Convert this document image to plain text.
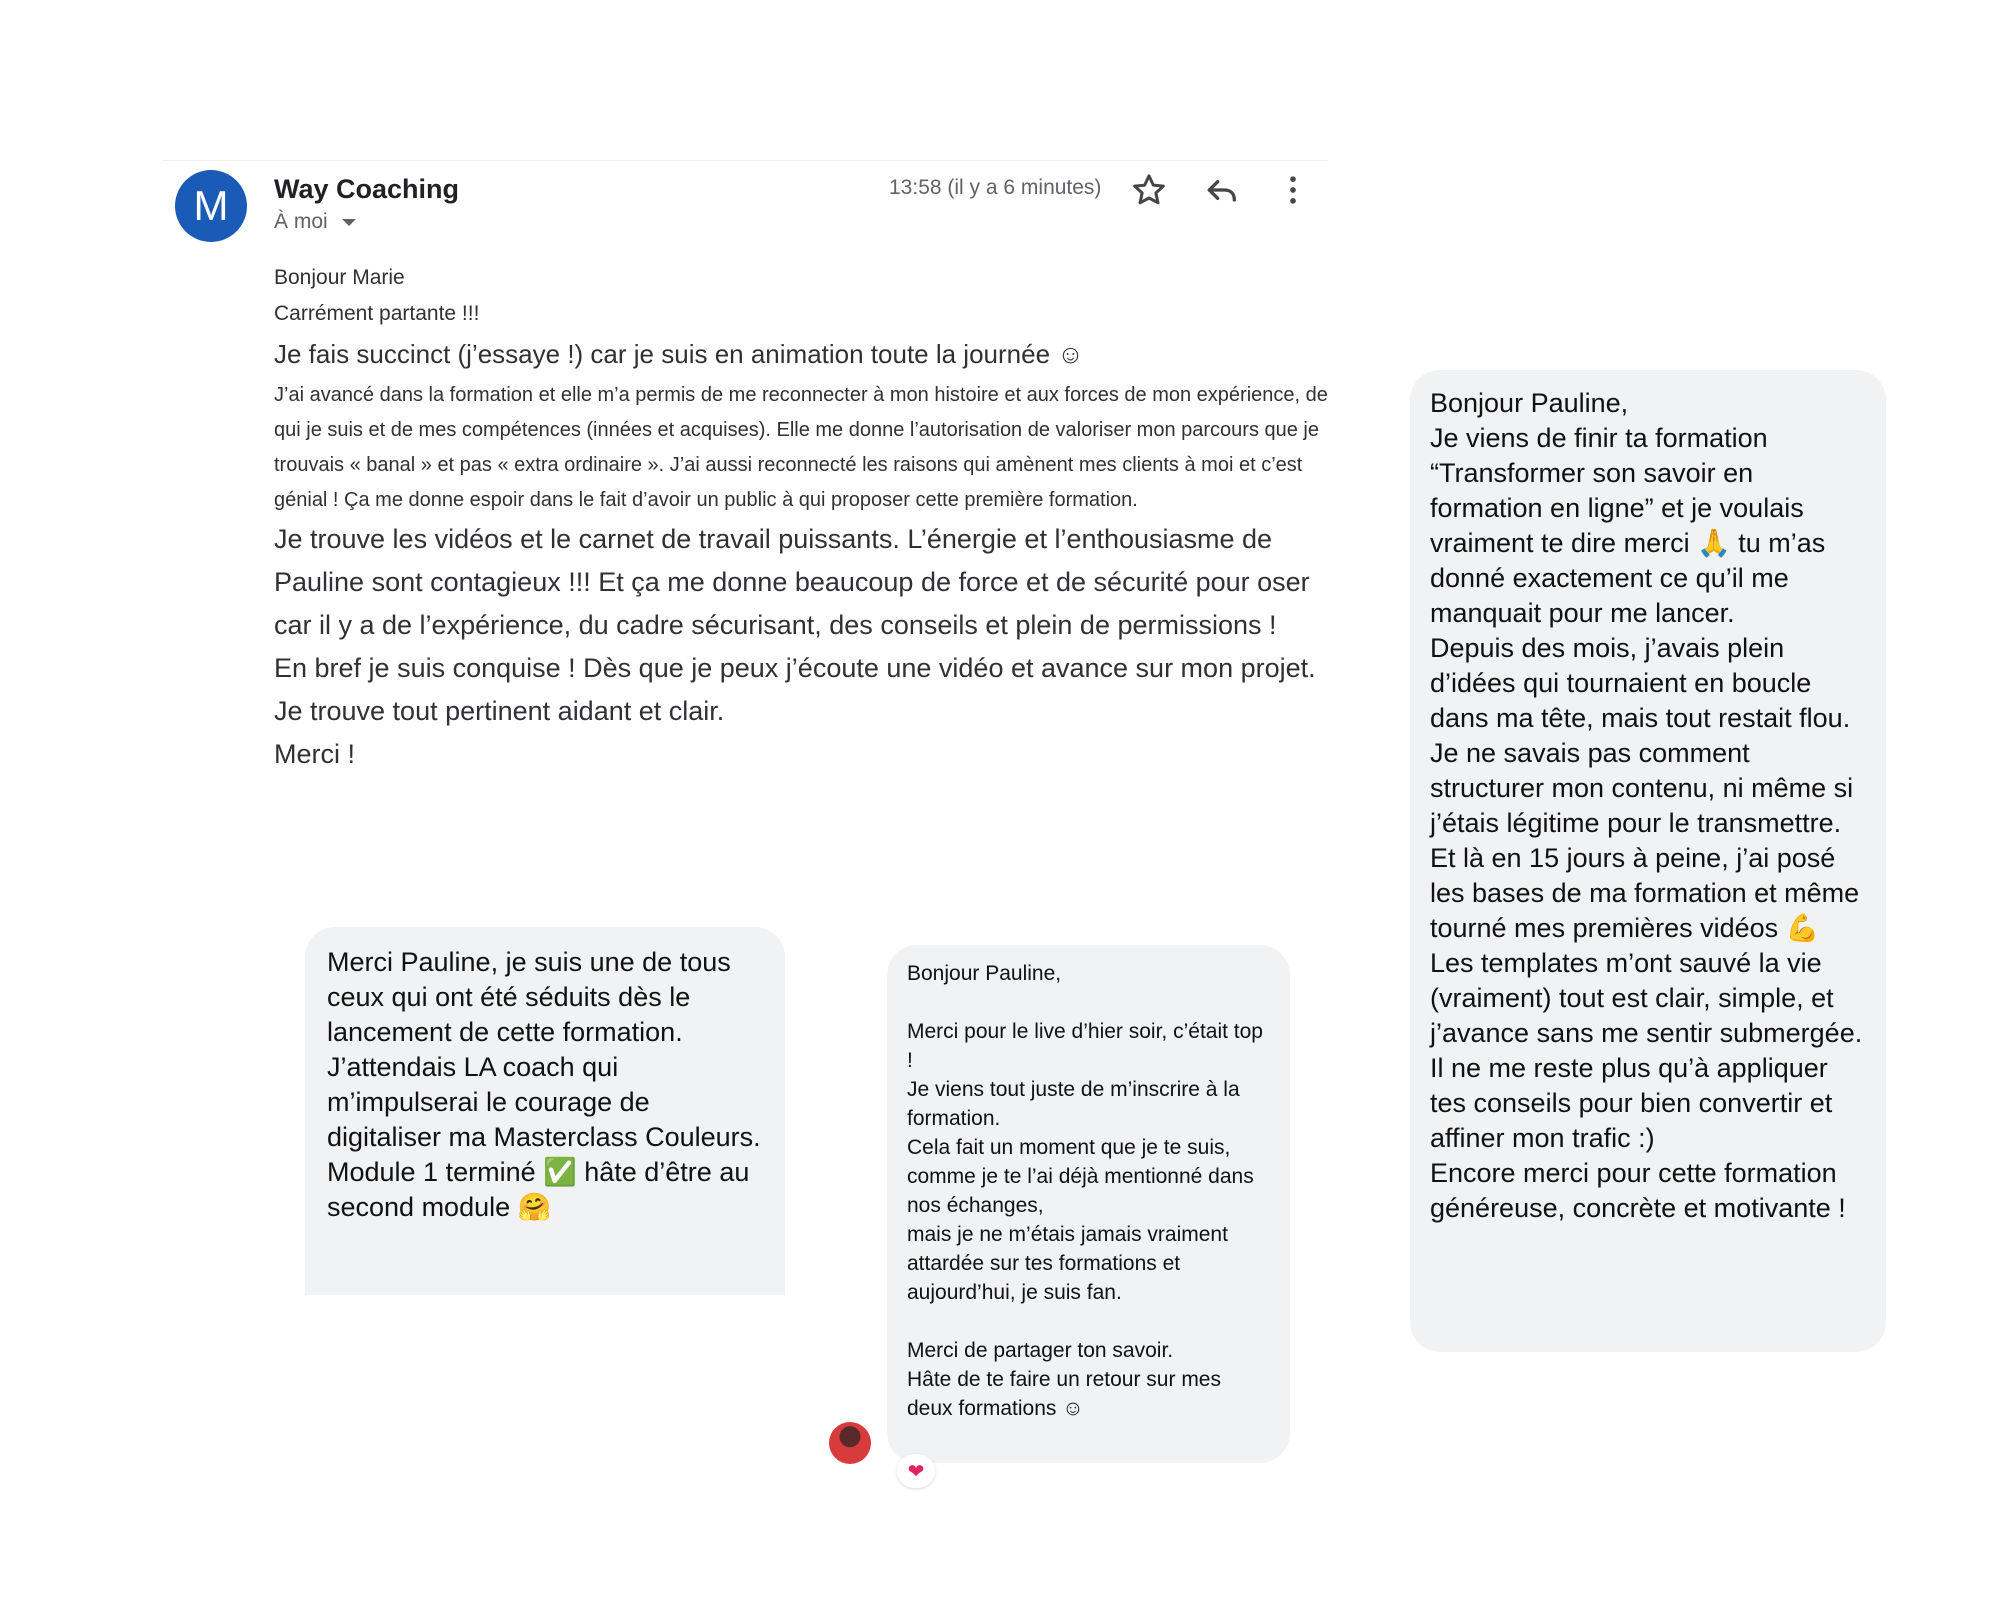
M	Way Coaching
À moi
13:58 (il y a 6 minutes)

Bonjour Marie

Carrément partante !!!

Je fais succinct (j’essaye !) car je suis en animation toute la journée ☺

J’ai avancé dans la formation et elle m’a permis de me reconnecter à mon histoire et aux forces de mon expérience, de qui je suis et de mes compétences (innées et acquises). Elle me donne l’autorisation de valoriser mon parcours que je trouvais « banal » et pas « extra ordinaire ». J’ai aussi reconnecté les raisons qui amènent mes clients à moi et c’est génial ! Ça me donne espoir dans le fait d’avoir un public à qui proposer cette première formation.

Je trouve les vidéos et le carnet de travail puissants. L’énergie et l’enthousiasme de Pauline sont contagieux !!! Et ça me donne beaucoup de force et de sécurité pour oser car il y a de l’expérience, du cadre sécurisant, des conseils et plein de permissions !

En bref je suis conquise ! Dès que je peux j’écoute une vidéo et avance sur mon projet. Je trouve tout pertinent aidant et clair.

Merci !

Merci Pauline, je suis une de tous ceux qui ont été séduits dès le lancement de cette formation. J’attendais LA coach qui m’impulserai le courage de digitaliser ma Masterclass Couleurs.

Module 1 terminé ✅ hâte d’être au second module 🤗

Bonjour Pauline,

Merci pour le live d’hier soir, c’était top !

Je viens tout juste de m’inscrire à la formation.

Cela fait un moment que je te suis, comme je te l’ai déjà mentionné dans nos échanges,

mais je ne m’étais jamais vraiment attardée sur tes formations et aujourd’hui, je suis fan.

Merci de partager ton savoir.

Hâte de te faire un retour sur mes deux formations ☺

❤

Bonjour Pauline,

Je viens de finir ta formation “Transformer son savoir en formation en ligne” et je voulais vraiment te dire merci 🙏 tu m’as donné exactement ce qu’il me manquait pour me lancer.

Depuis des mois, j’avais plein d’idées qui tournaient en boucle dans ma tête, mais tout restait flou. Je ne savais pas comment structurer mon contenu, ni même si j’étais légitime pour le transmettre. Et là en 15 jours à peine, j’ai posé les bases de ma formation et même tourné mes premières vidéos 💪 Les templates m’ont sauvé la vie (vraiment) tout est clair, simple, et j’avance sans me sentir submergée.

Il ne me reste plus qu’à appliquer tes conseils pour bien convertir et affiner mon trafic :)

Encore merci pour cette formation généreuse, concrète et motivante !
